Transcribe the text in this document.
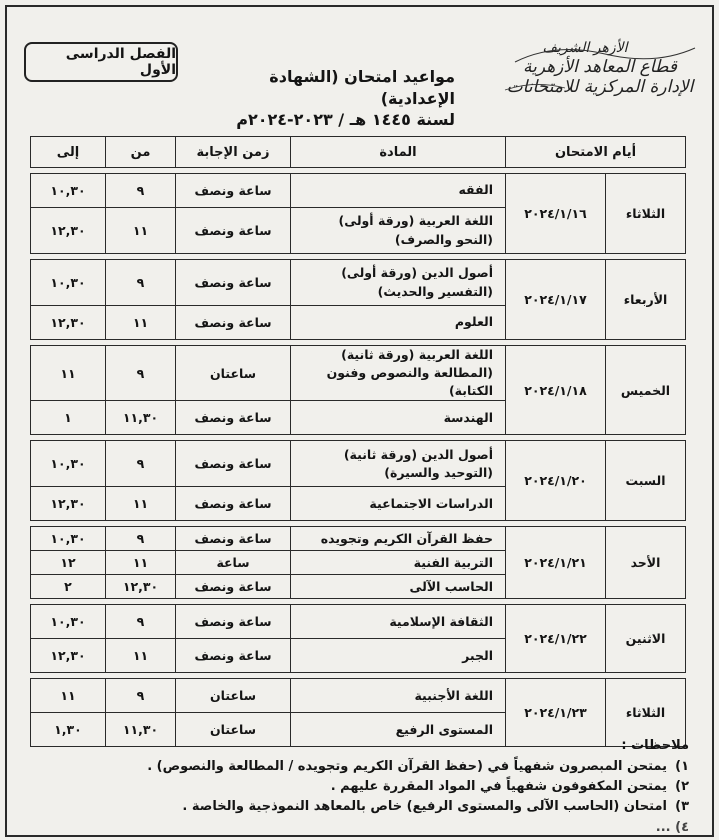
الأزهر الشريف
قطاع المعاهد الأزهرية
الإدارة المركزية للامتحانات
الفصل الدراسى الأول	مواعيد امتحان (الشهادة الإعدادية)
لسنة ١٤٤٥ هـ / ٢٠٢٣-٢٠٢٤م
أيام الامتحان		المادة	زمن الإجابة	من	إلى

الثلاثاء	٢٠٢٤/١/١٦	الفقه	ساعة ونصف	٩	١٠,٣٠
		اللغة العربية (ورقة أولى)
(النحو والصرف)	ساعة ونصف	١١	١٢,٣٠

الأربعاء	٢٠٢٤/١/١٧	أصول الدين (ورقة أولى)
(التفسير والحديث)	ساعة ونصف	٩	١٠,٣٠
		العلوم	ساعة ونصف	١١	١٢,٣٠

الخميس	٢٠٢٤/١/١٨	اللغة العربية (ورقة ثانية)
(المطالعة والنصوص وفنون الكتابة)	ساعتان	٩	١١
		الهندسة	ساعة ونصف	١١,٣٠	١

السبت	٢٠٢٤/١/٢٠	أصول الدين (ورقة ثانية)
(التوحيد والسيرة)	ساعة ونصف	٩	١٠,٣٠
		الدراسات الاجتماعية	ساعة ونصف	١١	١٢,٣٠

الأحد	٢٠٢٤/١/٢١	حفظ القرآن الكريم وتجويده	ساعة ونصف	٩	١٠,٣٠
		التربية الفنية	ساعة	١١	١٢
		الحاسب الآلى	ساعة ونصف	١٢,٣٠	٢

الاثنين	٢٠٢٤/١/٢٢	الثقافة الإسلامية	ساعة ونصف	٩	١٠,٣٠
		الجبر	ساعة ونصف	١١	١٢,٣٠

الثلاثاء	٢٠٢٤/١/٢٣	اللغة الأجنبية	ساعتان	٩	١١
		المستوى الرفيع	ساعتان	١١,٣٠	١,٣٠
ملاحظات :
١)يمتحن المبصرون شفهياً في (حفظ القرآن الكريم وتجويده / المطالعة والنصوص) .
٢)يمتحن المكفوفون شفهياً في المواد المقررة عليهم .
٣)امتحان (الحاسب الآلى والمستوى الرفيع) خاص بالمعاهد النموذجية والخاصة .
٤) ...
